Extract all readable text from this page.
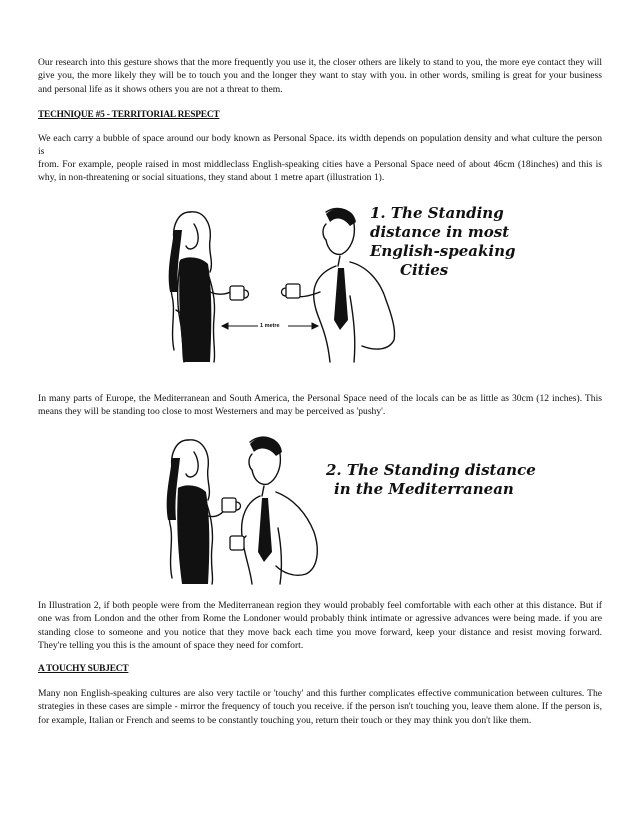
Our research into this gesture shows that the more frequently you use it, the closer others are likely to stand to you, the more eye contact they will give you, the more likely they will be to touch you and the longer they want to stay with you. in other words, smiling is great for your business and personal life as it shows others you are not a threat to them.

TECHNIQUE #5 - TERRITORIAL RESPECT

We each carry a bubble of space around our body known as Personal Space. its width depends on population density and what culture the person is

from. For example, people raised in most middleclass English-speaking cities have a Personal Space need of about 46cm (18inches) and this is why, in non-threatening or social situations, they stand about 1 metre apart (illustration 1).

1 metre
1. The Standing
distance in most
English-speaking

Cities

In many parts of Europe, the Mediterranean and South America, the Personal Space need of the locals can be as little as 30cm (12 inches). This means they will be standing too close to most Westerners and may be perceived as 'pushy'.

2. The Standing distance
in the Mediterranean

In Illustration 2, if both people were from the Mediterranean region they would probably feel comfortable with each other at this distance. But if one was from London and the other from Rome the Londoner would probably think intimate or agressive advances were being made. if you are standing close to someone and you notice that they move back each time you move forward, keep your distance and resist moving forward. They're telling you this is the amount of space they need for comfort.

A TOUCHY SUBJECT

Many non English-speaking cultures are also very tactile or 'touchy' and this further complicates effective communication between cultures. The strategies in these cases are simple - mirror the frequency of touch you receive. if the person isn't touching you, leave them alone. If the person is, for example, Italian or French and seems to be constantly touching you, return their touch or they may think you don't like them.
